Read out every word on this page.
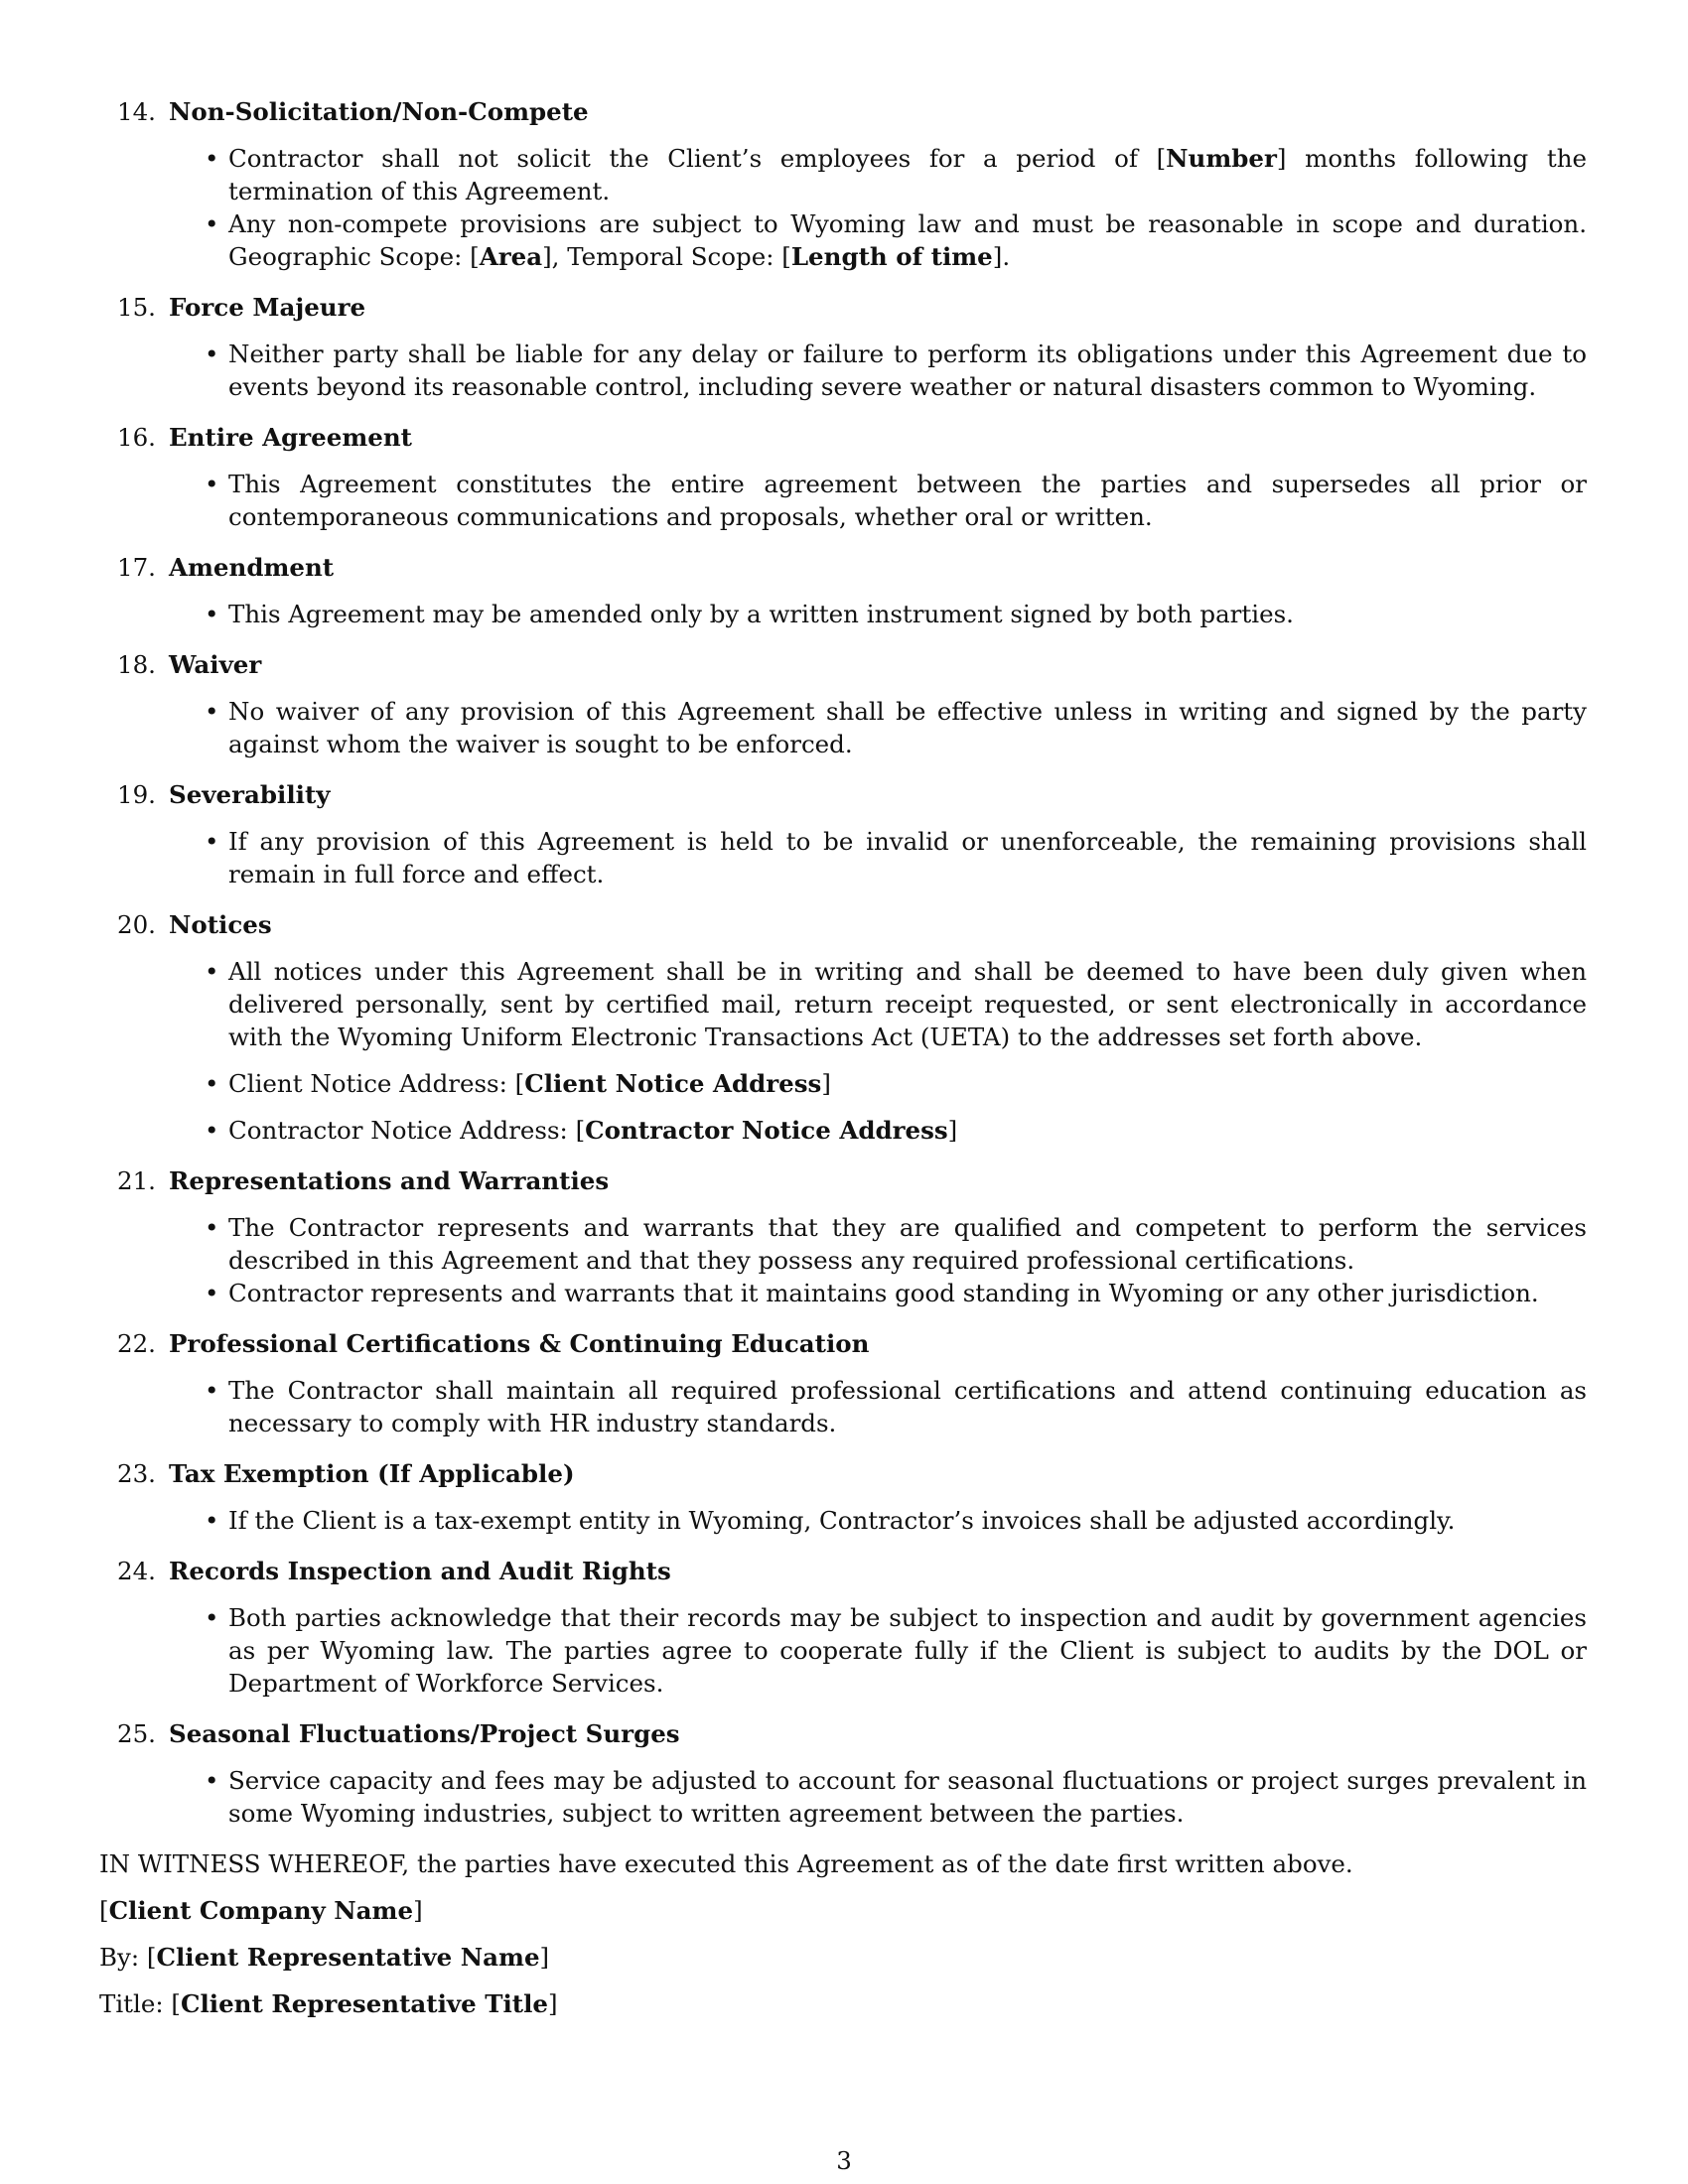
14. Non-Solicitation/Non-Compete
• Contractor shall not solicit the Client’s employees for a period of [Number] months following the termination of this Agreement.
• Any non-compete provisions are subject to Wyoming law and must be reasonable in scope and duration. Geographic Scope: [Area], Temporal Scope: [Length of time].
15. Force Majeure
• Neither party shall be liable for any delay or failure to perform its obligations under this Agreement due to events beyond its reasonable control, including severe weather or natural disasters common to Wyoming.
16. Entire Agreement
• This Agreement constitutes the entire agreement between the parties and supersedes all prior or contemporaneous communications and proposals, whether oral or written.
17. Amendment
• This Agreement may be amended only by a written instrument signed by both parties.
18. Waiver
• No waiver of any provision of this Agreement shall be effective unless in writing and signed by the party against whom the waiver is sought to be enforced.
19. Severability
• If any provision of this Agreement is held to be invalid or unenforceable, the remaining provisions shall remain in full force and effect.
20. Notices
• All notices under this Agreement shall be in writing and shall be deemed to have been duly given when delivered personally, sent by certified mail, return receipt requested, or sent electronically in accordance with the Wyoming Uniform Electronic Transactions Act (UETA) to the addresses set forth above.
• Client Notice Address: [Client Notice Address]
• Contractor Notice Address: [Contractor Notice Address]
21. Representations and Warranties
• The Contractor represents and warrants that they are qualified and competent to perform the services described in this Agreement and that they possess any required professional certifications.
• Contractor represents and warrants that it maintains good standing in Wyoming or any other jurisdiction.
22. Professional Certifications & Continuing Education
• The Contractor shall maintain all required professional certifications and attend continuing education as necessary to comply with HR industry standards.
23. Tax Exemption (If Applicable)
• If the Client is a tax-exempt entity in Wyoming, Contractor’s invoices shall be adjusted accordingly.
24. Records Inspection and Audit Rights
• Both parties acknowledge that their records may be subject to inspection and audit by government agencies as per Wyoming law. The parties agree to cooperate fully if the Client is subject to audits by the DOL or Department of Workforce Services.
25. Seasonal Fluctuations/Project Surges
• Service capacity and fees may be adjusted to account for seasonal fluctuations or project surges prevalent in some Wyoming industries, subject to written agreement between the parties.

IN WITNESS WHEREOF, the parties have executed this Agreement as of the date first written above.

[Client Company Name]

By: [Client Representative Name]

Title: [Client Representative Title]

3
